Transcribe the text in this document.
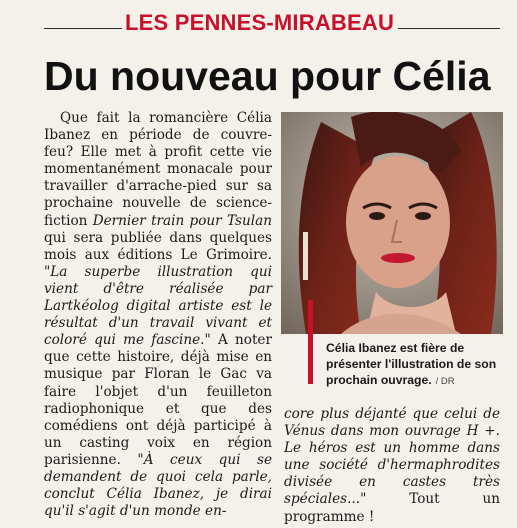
LES PENNES-MIRABEAU
Du nouveau pour Célia

Que fait la romancière Célia Ibanez en période de couvre-feu? Elle met à profit cette vie momentanément monacale pour travailler d'arrache-pied sur sa prochaine nouvelle de science-fiction Dernier train pour Tsulan qui sera publiée dans quelques mois aux éditions Le Grimoire. "La superbe illustration qui vient d'être réalisée par Lartkéolog digital artiste est le résultat d'un travail vivant et coloré qui me fascine." A noter que cette histoire, déjà mise en musique par Floran le Gac va faire l'objet d'un feuilleton radiophonique et que des comédiens ont déjà participé à un casting voix en région parisienne. "À ceux qui se demandent de quoi cela parle, conclut Célia Ibanez, je dirai qu'il s'agit d'un monde en-

Célia Ibanez est fière de présenter l'illustration de son prochain ouvrage. / DR

core plus déjanté que celui de Vénus dans mon ouvrage H +. Le héros est un homme dans une société d'hermaphrodites divisée en castes très spéciales..." Tout un programme !
